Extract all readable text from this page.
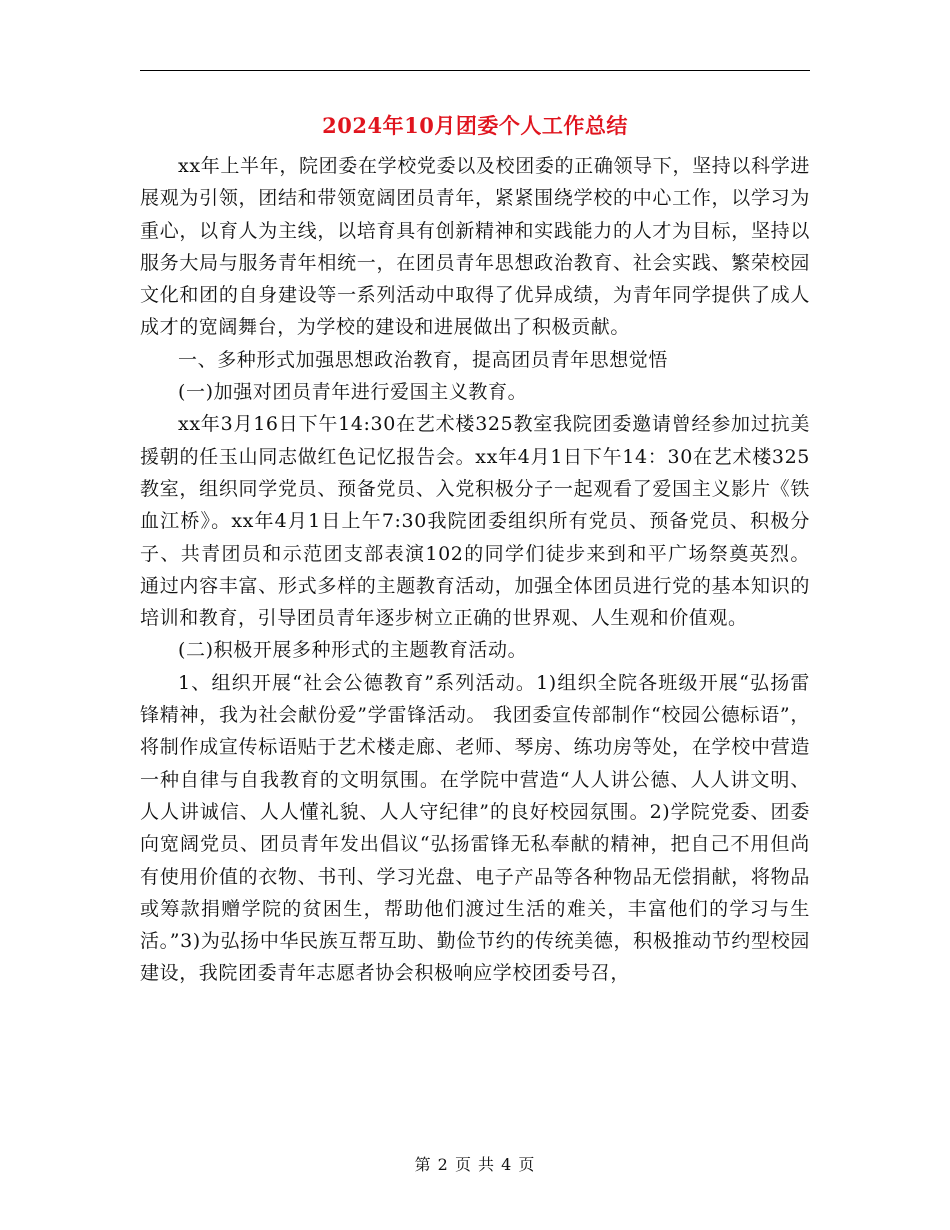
2024年10月团委个人工作总结

xx年上半年，院团委在学校党委以及校团委的正确领导下，坚持以科学进展观为引领，团结和带领宽阔团员青年，紧紧围绕学校的中心工作，以学习为重心，以育人为主线，以培育具有创新精神和实践能力的人才为目标，坚持以服务大局与服务青年相统一，在团员青年思想政治教育、社会实践、繁荣校园文化和团的自身建设等一系列活动中取得了优异成绩，为青年同学提供了成人成才的宽阔舞台，为学校的建设和进展做出了积极贡献。

一、多种形式加强思想政治教育，提高团员青年思想觉悟

(一)加强对团员青年进行爱国主义教育。

xx年3月16日下午14:30在艺术楼325教室我院团委邀请曾经参加过抗美援朝的任玉山同志做红色记忆报告会。xx年4月1日下午14：30在艺术楼325教室，组织同学党员、预备党员、入党积极分子一起观看了爱国主义影片《铁血江桥》。xx年4月1日上午7:30我院团委组织所有党员、预备党员、积极分子、共青团员和示范团支部表演102的同学们徒步来到和平广场祭奠英烈。 通过内容丰富、形式多样的主题教育活动，加强全体团员进行党的基本知识的培训和教育，引导团员青年逐步树立正确的世界观、人生观和价值观。

(二)积极开展多种形式的主题教育活动。

1、组织开展“社会公德教育”系列活动。1)组织全院各班级开展“弘扬雷锋精神，我为社会献份爱”学雷锋活动。 我团委宣传部制作“校园公德标语”，将制作成宣传标语贴于艺术楼走廊、老师、琴房、练功房等处，在学校中营造一种自律与自我教育的文明氛围。在学院中营造“人人讲公德、人人讲文明、人人讲诚信、人人懂礼貌、人人守纪律”的良好校园氛围。2)学院党委、团委向宽阔党员、团员青年发出倡议“弘扬雷锋无私奉献的精神，把自己不用但尚有使用价值的衣物、书刊、学习光盘、电子产品等各种物品无偿捐献，将物品或筹款捐赠学院的贫困生，帮助他们渡过生活的难关，丰富他们的学习与生活。”3)为弘扬中华民族互帮互助、勤俭节约的传统美德，积极推动节约型校园建设，我院团委青年志愿者协会积极响应学校团委号召，

第 2 页 共 4 页
